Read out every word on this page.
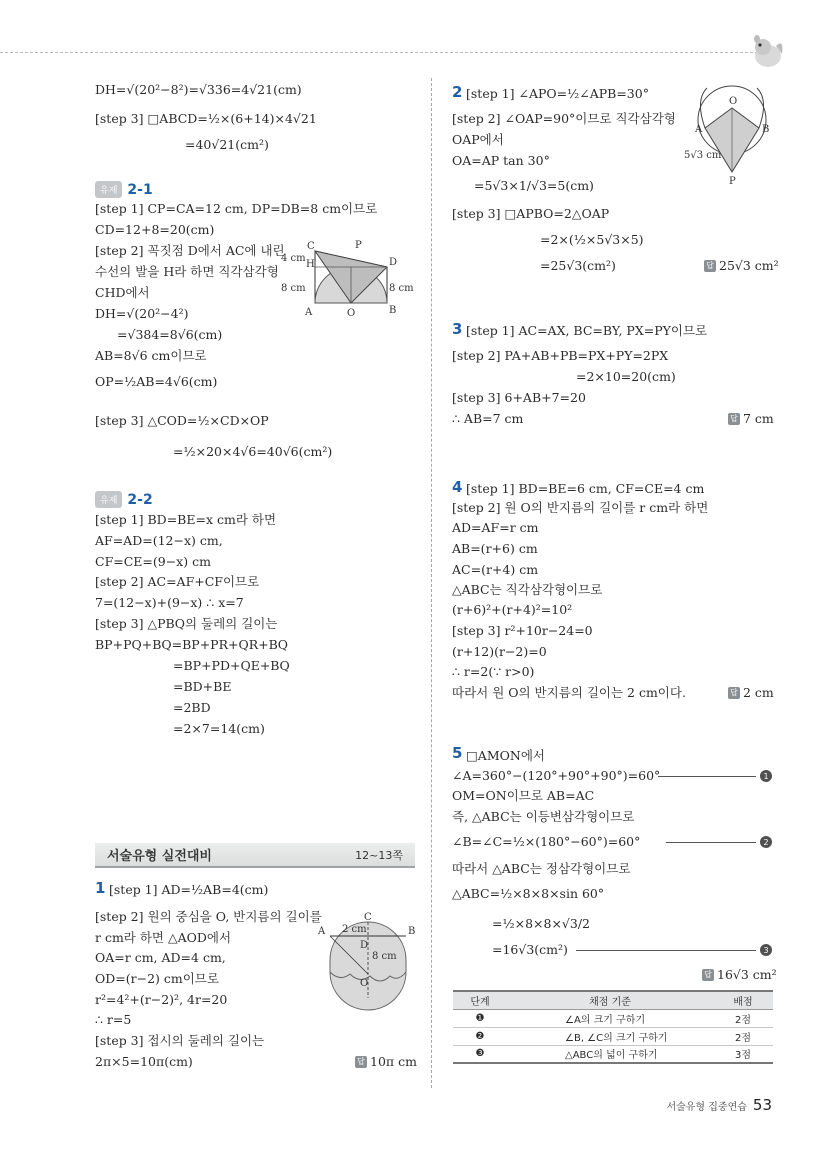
DH=√(20²−8²)=√336=4√21(cm)
[step 3] □ABCD=½×(6+14)×4√21
=40√21(cm²)
유제 2-1
[step 1] CP=CA=12 cm, DP=DB=8 cm이므로
CD=12+8=20(cm)
[step 2] 꼭짓점 D에서 AC에 내린
수선의 발을 H라 하면 직각삼각형
CHD에서
DH=√(20²−4²)
=√384=8√6(cm)
AB=8√6 cm이므로
OP=½AB=4√6(cm)
[step 3] △COD=½×CD×OP
=½×20×4√6=40√6(cm²)
C	P
D
H
A	O	B
4 cm
8 cm	8 cm
유제 2-2
[step 1] BD=BE=x cm라 하면
AF=AD=(12−x) cm,
CF=CE=(9−x) cm
[step 2] AC=AF+CF이므로
7=(12−x)+(9−x) ∴ x=7
[step 3] △PBQ의 둘레의 길이는
BP+PQ+BQ=BP+PR+QR+BQ
=BP+PD+QE+BQ
=BD+BE
=2BD
=2×7=14(cm)
1 [step 1] AD=½AB=4(cm)
[step 2] 원의 중심을 O, 반지름의 길이를
r cm라 하면 △AOD에서
OA=r cm, AD=4 cm,
OD=(r−2) cm이므로
r²=4²+(r−2)², 4r=20
∴ r=5
[step 3] 접시의 둘레의 길이는
2π×5=10π(cm)	답 10π cm
A	B
C
D
O
2 cm
8 cm
서술유형 실전대비	12~13쪽
2 [step 1] ∠APO=½∠APB=30°
[step 2] ∠OAP=90°이므로 직각삼각형
OAP에서
OA=AP tan 30°
=5√3×1/√3=5(cm)
[step 3] □APBO=2△OAP
=2×(½×5√3×5)
=25√3(cm²)	답 25√3 cm²
O
A	B
P
5√3 cm
3 [step 1] AC=AX, BC=BY, PX=PY이므로
[step 2] PA+AB+PB=PX+PY=2PX
=2×10=20(cm)
[step 3] 6+AB+7=20
∴ AB=7 cm	답 7 cm
4 [step 1] BD=BE=6 cm, CF=CE=4 cm
[step 2] 원 O의 반지름의 길이를 r cm라 하면
AD=AF=r cm
AB=(r+6) cm
AC=(r+4) cm
△ABC는 직각삼각형이므로
(r+6)²+(r+4)²=10²
[step 3] r²+10r−24=0
(r+12)(r−2)=0
∴ r=2(∵ r>0)
따라서 원 O의 반지름의 길이는 2 cm이다.	답 2 cm
5 □AMON에서
∠A=360°−(120°+90°+90°)=60°	1
OM=ON이므로 AB=AC
즉, △ABC는 이등변삼각형이므로
∠B=∠C=½×(180°−60°)=60°	2
따라서 △ABC는 정삼각형이므로
△ABC=½×8×8×sin 60°
=½×8×8×√3/2
=16√3(cm²)	3
답 16√3 cm²
단계	채점 기준	배점
❶	∠A의 크기 구하기	2점
❷	∠B, ∠C의 크기 구하기	2점
❸	△ABC의 넓이 구하기	3점
서술유형 집중연습 53
